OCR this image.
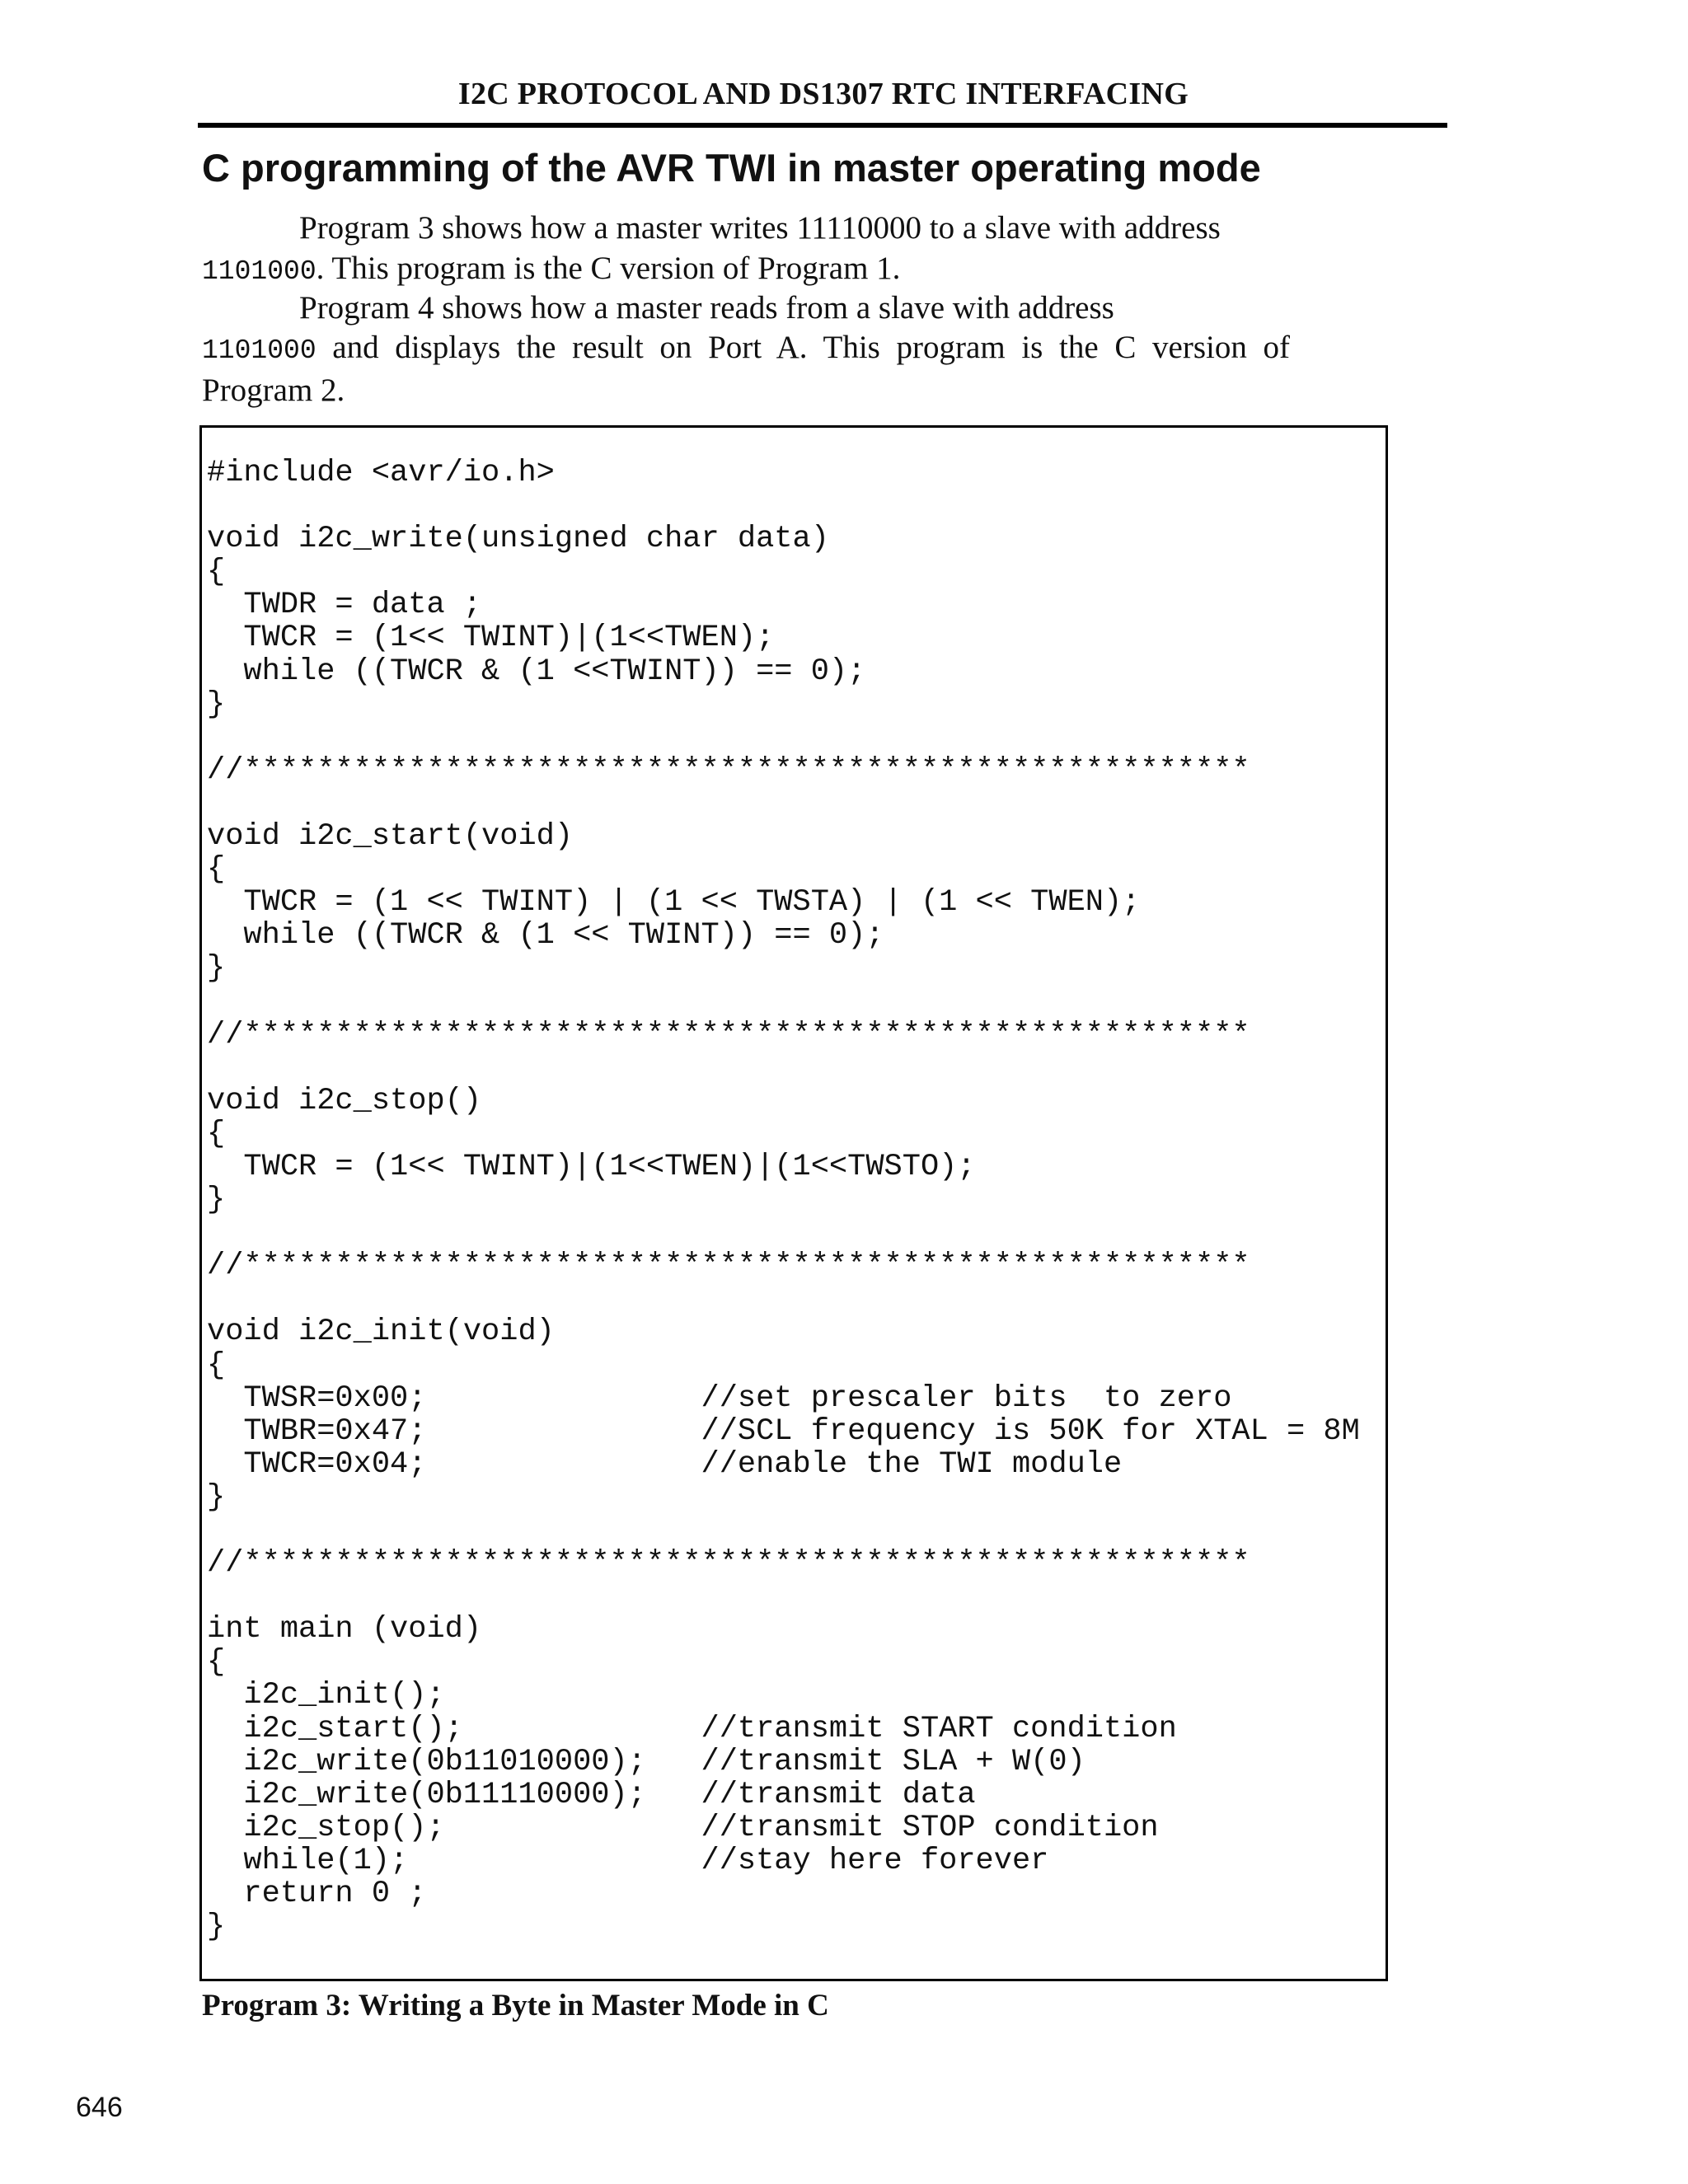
I2C PROTOCOL AND DS1307 RTC INTERFACING
C programming of the AVR TWI in master operating mode
Program 3 shows how a master writes 11110000 to a slave with address
1101000. This program is the C version of Program 1.
Program 4 shows how a master reads from a slave with address
1101000 and displays the result on Port A. This program is the C version of Program 2.
#include <avr/io.h>

void i2c_write(unsigned char data)
{
TWDR = data ;
TWCR = (1<< TWINT)|(1<<TWEN);
while ((TWCR & (1 <<TWINT)) == 0);
}

//*******************************************************

void i2c_start(void)
{
TWCR = (1 << TWINT) | (1 << TWSTA) | (1 << TWEN);
while ((TWCR & (1 << TWINT)) == 0);
}

//*******************************************************

void i2c_stop()
{
TWCR = (1<< TWINT)|(1<<TWEN)|(1<<TWSTO);
}

//*******************************************************

void i2c_init(void)
{
TWSR=0x00;               //set prescaler bits  to zero
TWBR=0x47;               //SCL frequency is 50K for XTAL = 8M
TWCR=0x04;               //enable the TWI module
}

//*******************************************************

int main (void)
{
i2c_init();
i2c_start();             //transmit START condition
i2c_write(0b11010000);   //transmit SLA + W(0)
i2c_write(0b11110000);   //transmit data
i2c_stop();              //transmit STOP condition
while(1);                //stay here forever
return 0 ;
}
Program 3: Writing a Byte in Master Mode in C
646
